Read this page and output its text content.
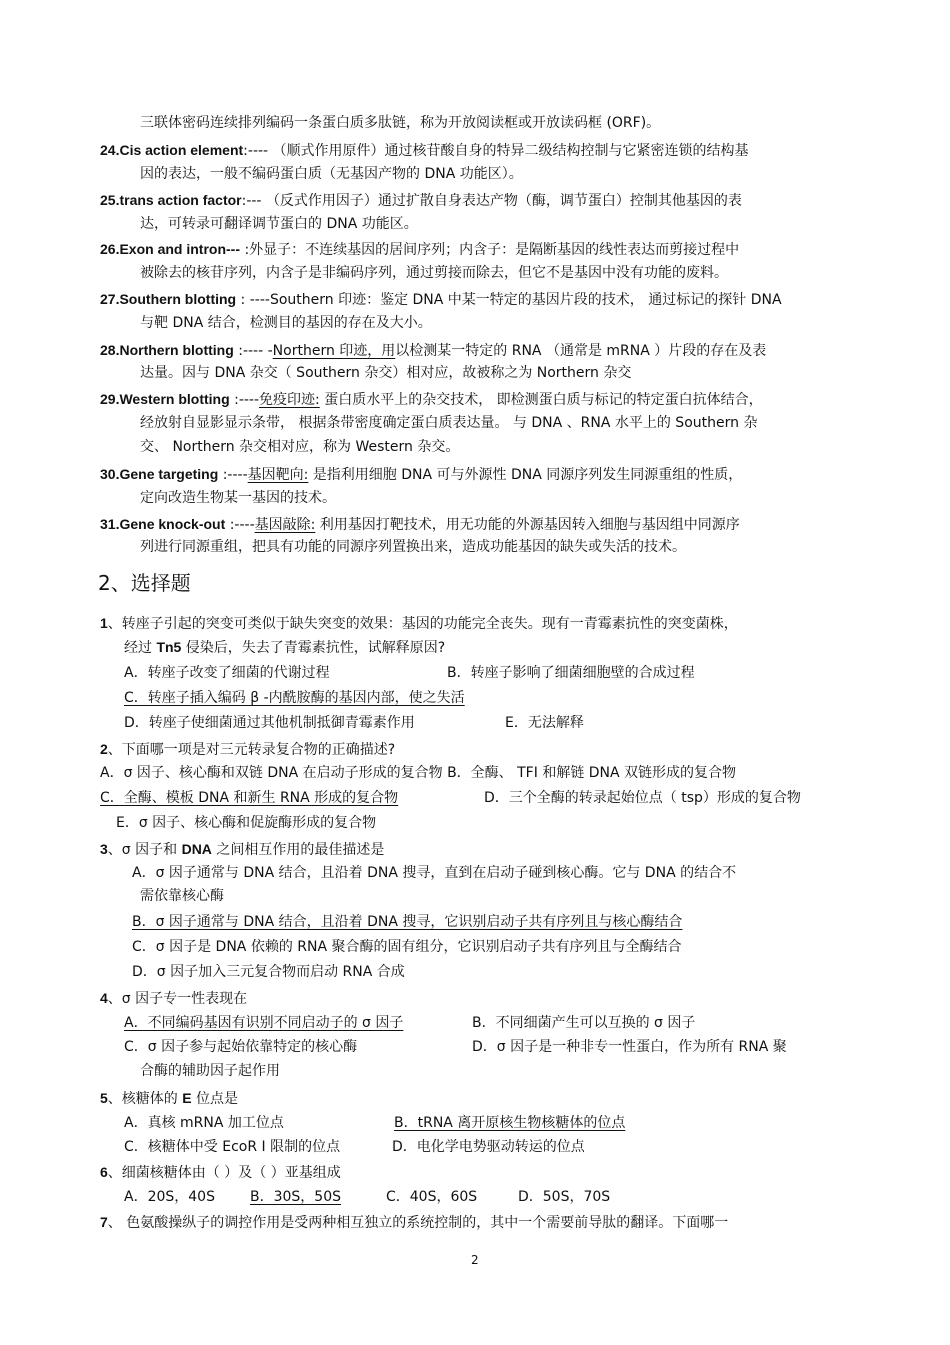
三联体密码连续排列编码一条蛋白质多肽链，称为开放阅读框或开放读码框 (ORF)。
24.Cis action element:---- （顺式作用原件）通过核苷酸自身的特异二级结构控制与它紧密连锁的结构基
因的表达，一般不编码蛋白质（无基因产物的 DNA 功能区）。
25.trans action factor:--- （反式作用因子）通过扩散自身表达产物（酶，调节蛋白）控制其他基因的表
达，可转录可翻译调节蛋白的 DNA 功能区。
26.Exon and intron--- :外显子：不连续基因的居间序列；内含子：是隔断基因的线性表达而剪接过程中
被除去的核苷序列，内含子是非编码序列，通过剪接而除去，但它不是基因中没有功能的废料。
27.Southern blotting : ----Southern 印迹：鉴定 DNA 中某一特定的基因片段的技术， 通过标记的探针 DNA
与靶 DNA 结合，检测目的基因的存在及大小。
28.Northern blotting :---- -Northern 印迹，用以检测某一特定的 RNA （通常是 mRNA ）片段的存在及表
达量。因与 DNA 杂交（ Southern 杂交）相对应，故被称之为 Northern 杂交
29.Western blotting :----免疫印迹: 蛋白质水平上的杂交技术， 即检测蛋白质与标记的特定蛋白抗体结合，
经放射自显影显示条带， 根据条带密度确定蛋白质表达量。 与 DNA 、RNA 水平上的 Southern 杂
交、 Northern 杂交相对应，称为 Western 杂交。
30.Gene targeting :----基因靶向: 是指利用细胞 DNA 可与外源性 DNA 同源序列发生同源重组的性质，
定向改造生物某一基因的技术。
31.Gene knock-out :----基因敲除: 利用基因打靶技术，用无功能的外源基因转入细胞与基因组中同源序
列进行同源重组，把具有功能的同源序列置换出来，造成功能基因的缺失或失活的技术。
2、选择题
1、转座子引起的突变可类似于缺失突变的效果：基因的功能完全丧失。现有一青霉素抗性的突变菌株，
经过 Tn5 侵染后，失去了青霉素抗性，试解释原因?
A．转座子改变了细菌的代谢过程	B．转座子影响了细菌细胞壁的合成过程
C．转座子插入编码 β -内酰胺酶的基因内部，使之失活
D．转座子使细菌通过其他机制抵御青霉素作用	E．无法解释
2、下面哪一项是对三元转录复合物的正确描述?
A．σ 因子、核心酶和双链 DNA 在启动子形成的复合物 B．全酶、 TFI 和解链 DNA 双链形成的复合物
C．全酶、模板 DNA 和新生 RNA 形成的复合物	D．三个全酶的转录起始位点（ tsp）形成的复合物
E．σ 因子、核心酶和促旋酶形成的复合物
3、σ 因子和 DNA 之间相互作用的最佳描述是
A．σ 因子通常与 DNA 结合，且沿着 DNA 搜寻，直到在启动子碰到核心酶。它与 DNA 的结合不
需依靠核心酶
B．σ 因子通常与 DNA 结合，且沿着 DNA 搜寻，它识别启动子共有序列且与核心酶结合
C．σ 因子是 DNA 依赖的 RNA 聚合酶的固有组分，它识别启动子共有序列且与全酶结合
D．σ 因子加入三元复合物而启动 RNA 合成
4、σ 因子专一性表现在
A．不同编码基因有识别不同启动子的 σ 因子	B．不同细菌产生可以互换的 σ 因子
C．σ 因子参与起始依靠特定的核心酶	D．σ 因子是一种非专一性蛋白，作为所有 RNA 聚
合酶的辅助因子起作用
5、核糖体的 E 位点是
A．真核 mRNA 加工位点	B．tRNA 离开原核生物核糖体的位点
C．核糖体中受 EcoR I 限制的位点	D．电化学电势驱动转运的位点
6、细菌核糖体由（ ）及（ ）亚基组成
A．20S，40S	B．30S，50S	C．40S，60S	D．50S，70S
7、 色氨酸操纵子的调控作用是受两种相互独立的系统控制的，其中一个需要前导肽的翻译。下面哪一
2
